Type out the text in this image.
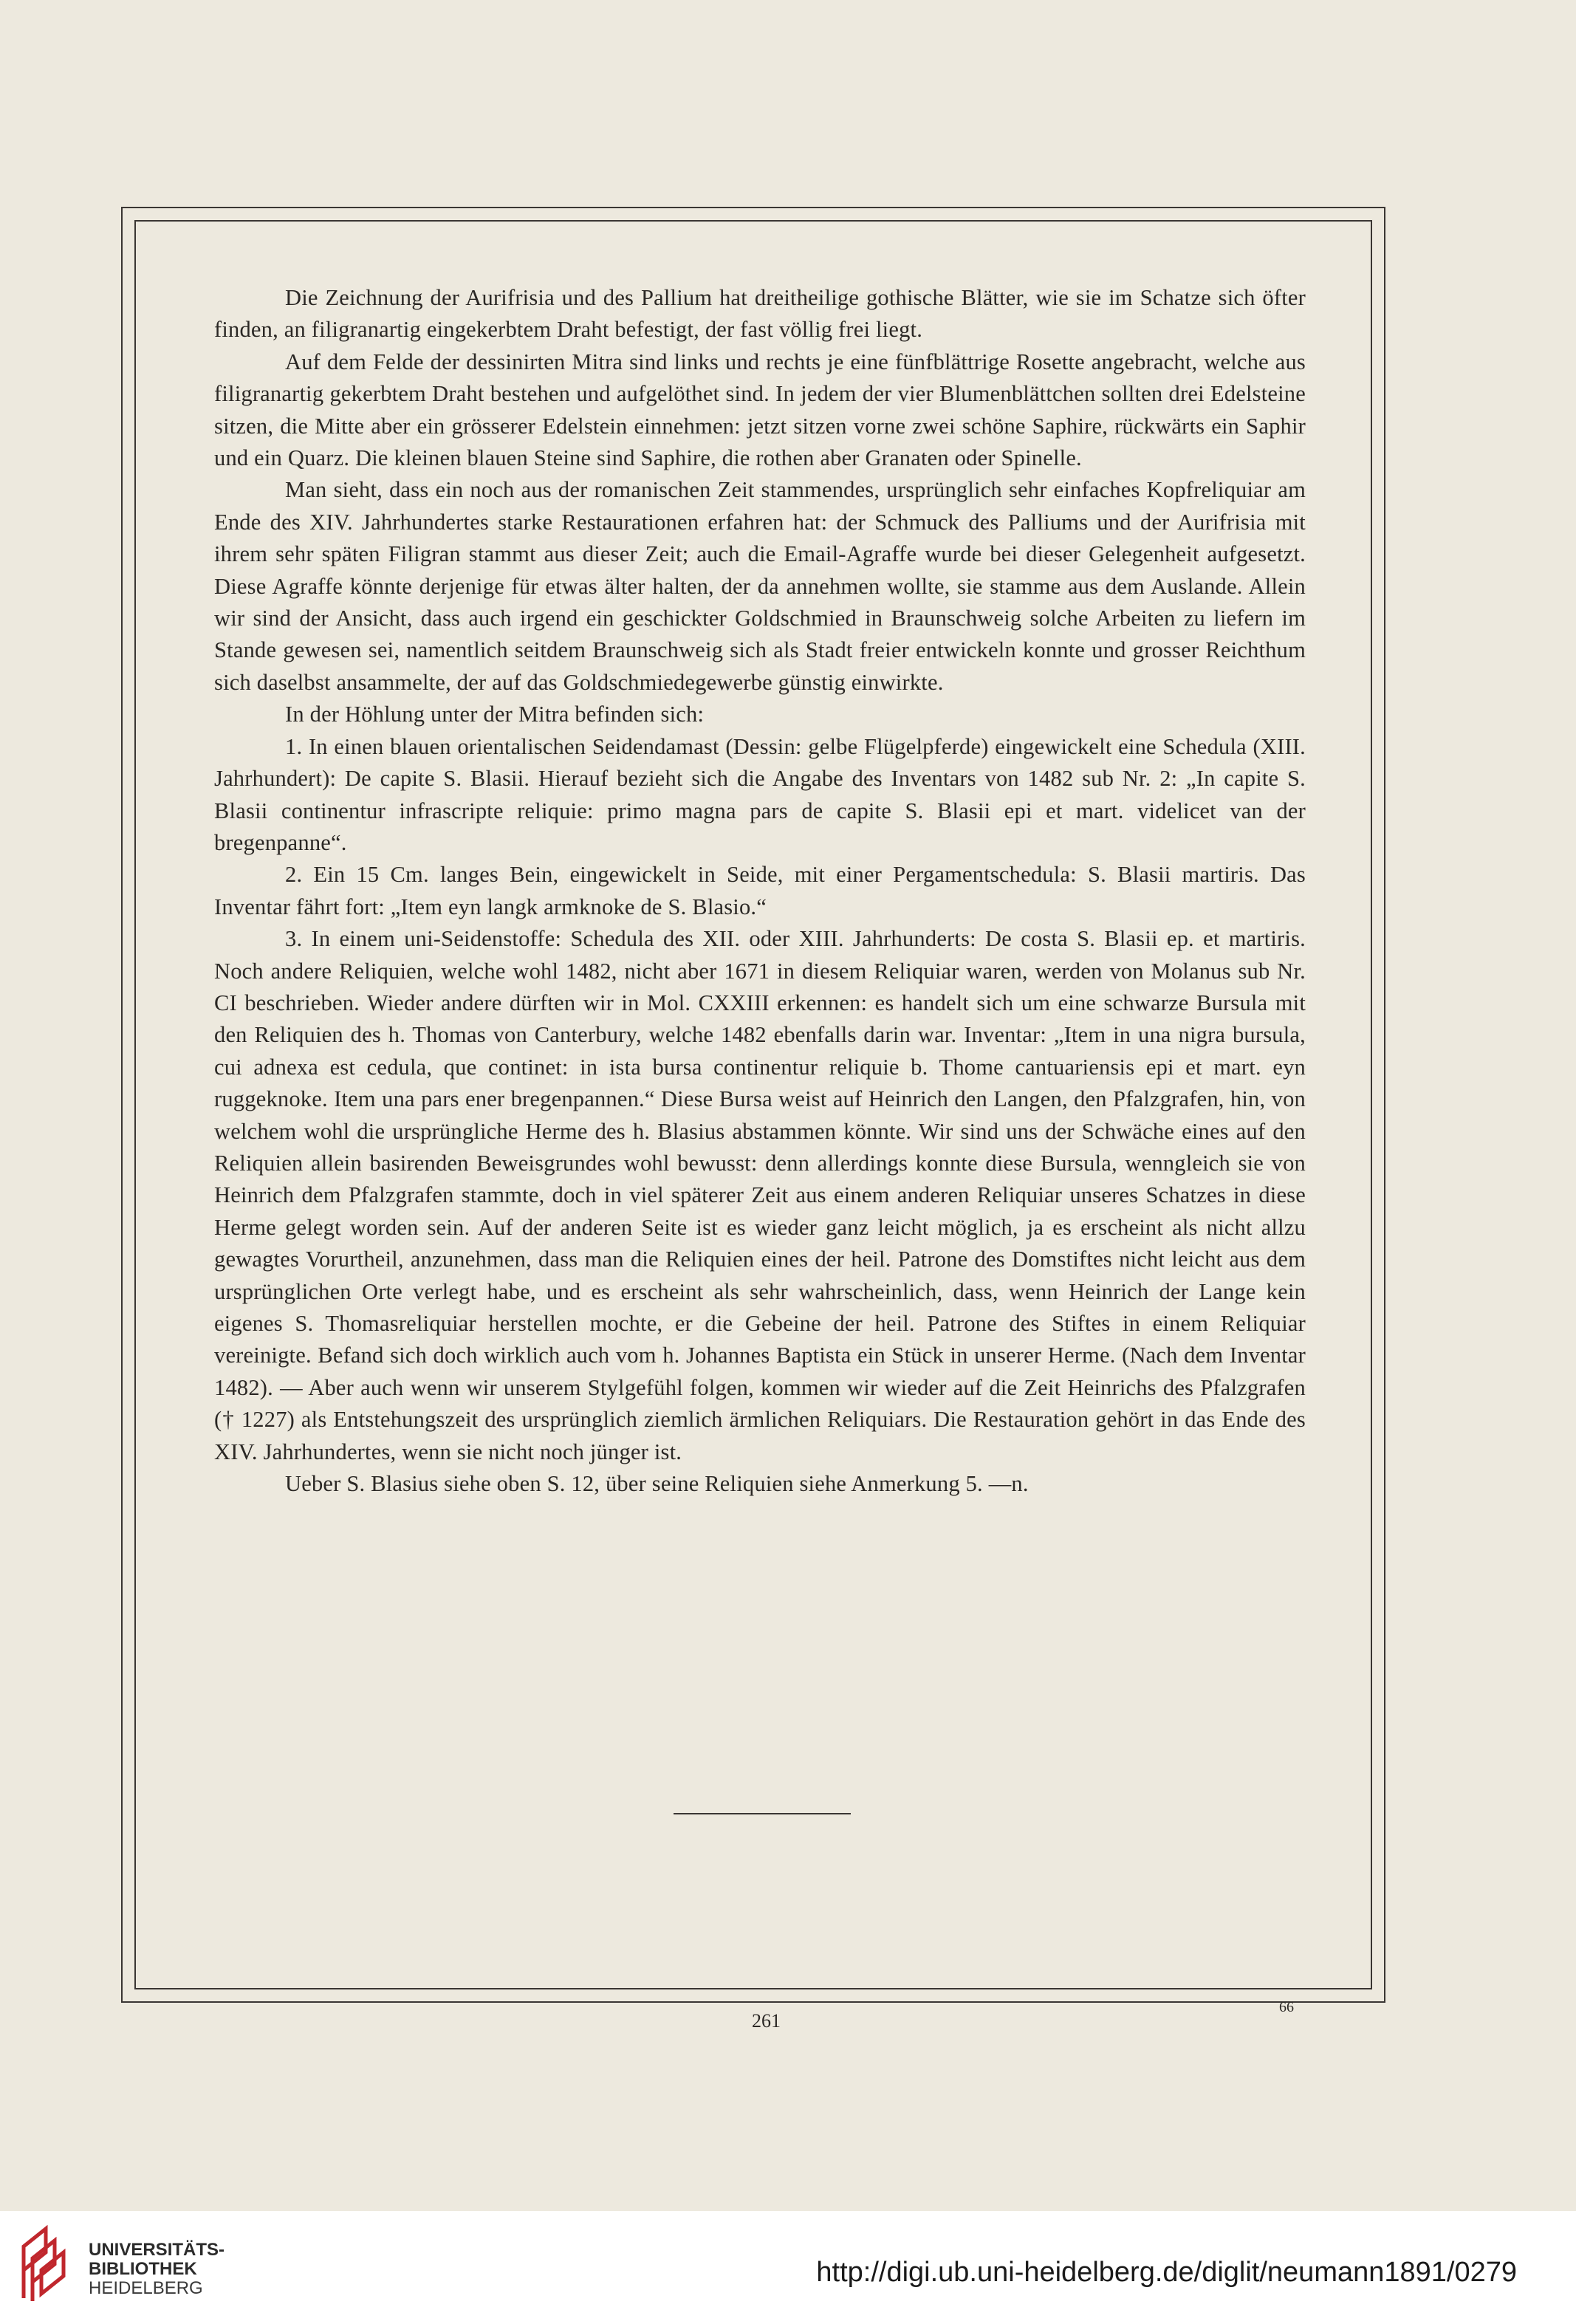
Die Zeichnung der Aurifrisia und des Pallium hat dreitheilige gothische Blätter, wie sie im Schatze sich öfter finden, an filigranartig eingekerbtem Draht befestigt, der fast völlig frei liegt.

Auf dem Felde der dessinirten Mitra sind links und rechts je eine fünfblättrige Rosette angebracht, welche aus filigranartig gekerbtem Draht bestehen und aufgelöthet sind. In jedem der vier Blumenblättchen sollten drei Edelsteine sitzen, die Mitte aber ein grösserer Edelstein einnehmen: jetzt sitzen vorne zwei schöne Saphire, rückwärts ein Saphir und ein Quarz. Die kleinen blauen Steine sind Saphire, die rothen aber Granaten oder Spinelle.

Man sieht, dass ein noch aus der romanischen Zeit stammendes, ursprünglich sehr einfaches Kopfreliquiar am Ende des XIV. Jahrhundertes starke Restaurationen erfahren hat: der Schmuck des Palliums und der Aurifrisia mit ihrem sehr späten Filigran stammt aus dieser Zeit; auch die Email-Agraffe wurde bei dieser Gelegenheit aufgesetzt. Diese Agraffe könnte derjenige für etwas älter halten, der da annehmen wollte, sie stamme aus dem Auslande. Allein wir sind der Ansicht, dass auch irgend ein geschickter Goldschmied in Braunschweig solche Arbeiten zu liefern im Stande gewesen sei, namentlich seitdem Braunschweig sich als Stadt freier entwickeln konnte und grosser Reichthum sich daselbst ansammelte, der auf das Goldschmiedegewerbe günstig einwirkte.

In der Höhlung unter der Mitra befinden sich:

1. In einen blauen orientalischen Seidendamast (Dessin: gelbe Flügelpferde) eingewickelt eine Schedula (XIII. Jahrhundert): De capite S. Blasii. Hierauf bezieht sich die Angabe des Inventars von 1482 sub Nr. 2: „In capite S. Blasii continentur infrascripte reliquie: primo magna pars de capite S. Blasii epi et mart. videlicet van der bregenpanne“.

2. Ein 15 Cm. langes Bein, eingewickelt in Seide, mit einer Pergamentschedula: S. Blasii martiris. Das Inventar fährt fort: „Item eyn langk armknoke de S. Blasio.“

3. In einem uni-Seidenstoffe: Schedula des XII. oder XIII. Jahrhunderts: De costa S. Blasii ep. et martiris. Noch andere Reliquien, welche wohl 1482, nicht aber 1671 in diesem Reliquiar waren, werden von Molanus sub Nr. CI beschrieben. Wieder andere dürften wir in Mol. CXXIII erkennen: es handelt sich um eine schwarze Bursula mit den Reliquien des h. Thomas von Canterbury, welche 1482 ebenfalls darin war. Inventar: „Item in una nigra bursula, cui adnexa est cedula, que continet: in ista bursa continentur reliquie b. Thome cantuariensis epi et mart. eyn ruggeknoke. Item una pars ener bregenpannen.“ Diese Bursa weist auf Heinrich den Langen, den Pfalzgrafen, hin, von welchem wohl die ursprüngliche Herme des h. Blasius abstammen könnte. Wir sind uns der Schwäche eines auf den Reliquien allein basirenden Beweisgrundes wohl bewusst: denn allerdings konnte diese Bursula, wenngleich sie von Heinrich dem Pfalzgrafen stammte, doch in viel späterer Zeit aus einem anderen Reliquiar unseres Schatzes in diese Herme gelegt worden sein. Auf der anderen Seite ist es wieder ganz leicht möglich, ja es erscheint als nicht allzu gewagtes Vorurtheil, anzunehmen, dass man die Reliquien eines der heil. Patrone des Domstiftes nicht leicht aus dem ursprünglichen Orte verlegt habe, und es erscheint als sehr wahrscheinlich, dass, wenn Heinrich der Lange kein eigenes S. Thomasreliquiar herstellen mochte, er die Gebeine der heil. Patrone des Stiftes in einem Reliquiar vereinigte. Befand sich doch wirklich auch vom h. Johannes Baptista ein Stück in unserer Herme. (Nach dem Inventar 1482). — Aber auch wenn wir unserem Stylgefühl folgen, kommen wir wieder auf die Zeit Heinrichs des Pfalzgrafen († 1227) als Entstehungszeit des ursprünglich ziemlich ärmlichen Reliquiars. Die Restauration gehört in das Ende des XIV. Jahrhundertes, wenn sie nicht noch jünger ist.

Ueber S. Blasius siehe oben S. 12, über seine Reliquien siehe Anmerkung 5. —n.

261
66
UNIVERSITÄTS-
BIBLIOTHEK
HEIDELBERG
http://digi.ub.uni-heidelberg.de/diglit/neumann1891/0279
